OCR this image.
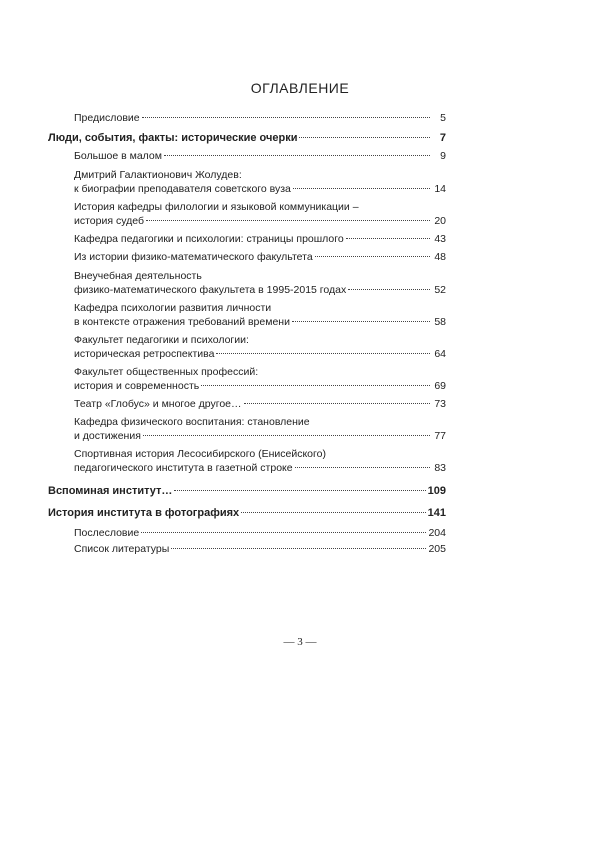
ОГЛАВЛЕНИЕ
Предисловие	5
Люди, события, факты: исторические очерки	7
Большое в малом	9
Дмитрий Галактионович Жолудев:
к биографии преподавателя советского вуза	14
История кафедры филологии и языковой коммуникации –
история судеб	20
Кафедра педагогики и психологии: страницы прошлого	43
Из истории физико-математического факультета	48
Внеучебная деятельность
физико-математического факультета в 1995-2015 годах	52
Кафедра психологии развития личности
в контексте отражения требований времени	58
Факультет педагогики и психологии:
историческая ретроспектива	64
Факультет общественных профессий:
история и современность	69
Театр «Глобус» и многое другое…	73
Кафедра физического воспитания: становление
и достижения	77
Спортивная история Лесосибирского (Енисейского)
педагогического института в газетной строке	83
Вспоминая институт…	109
История института в фотографиях	141
Послесловие	204
Список литературы	205
— 3 —
